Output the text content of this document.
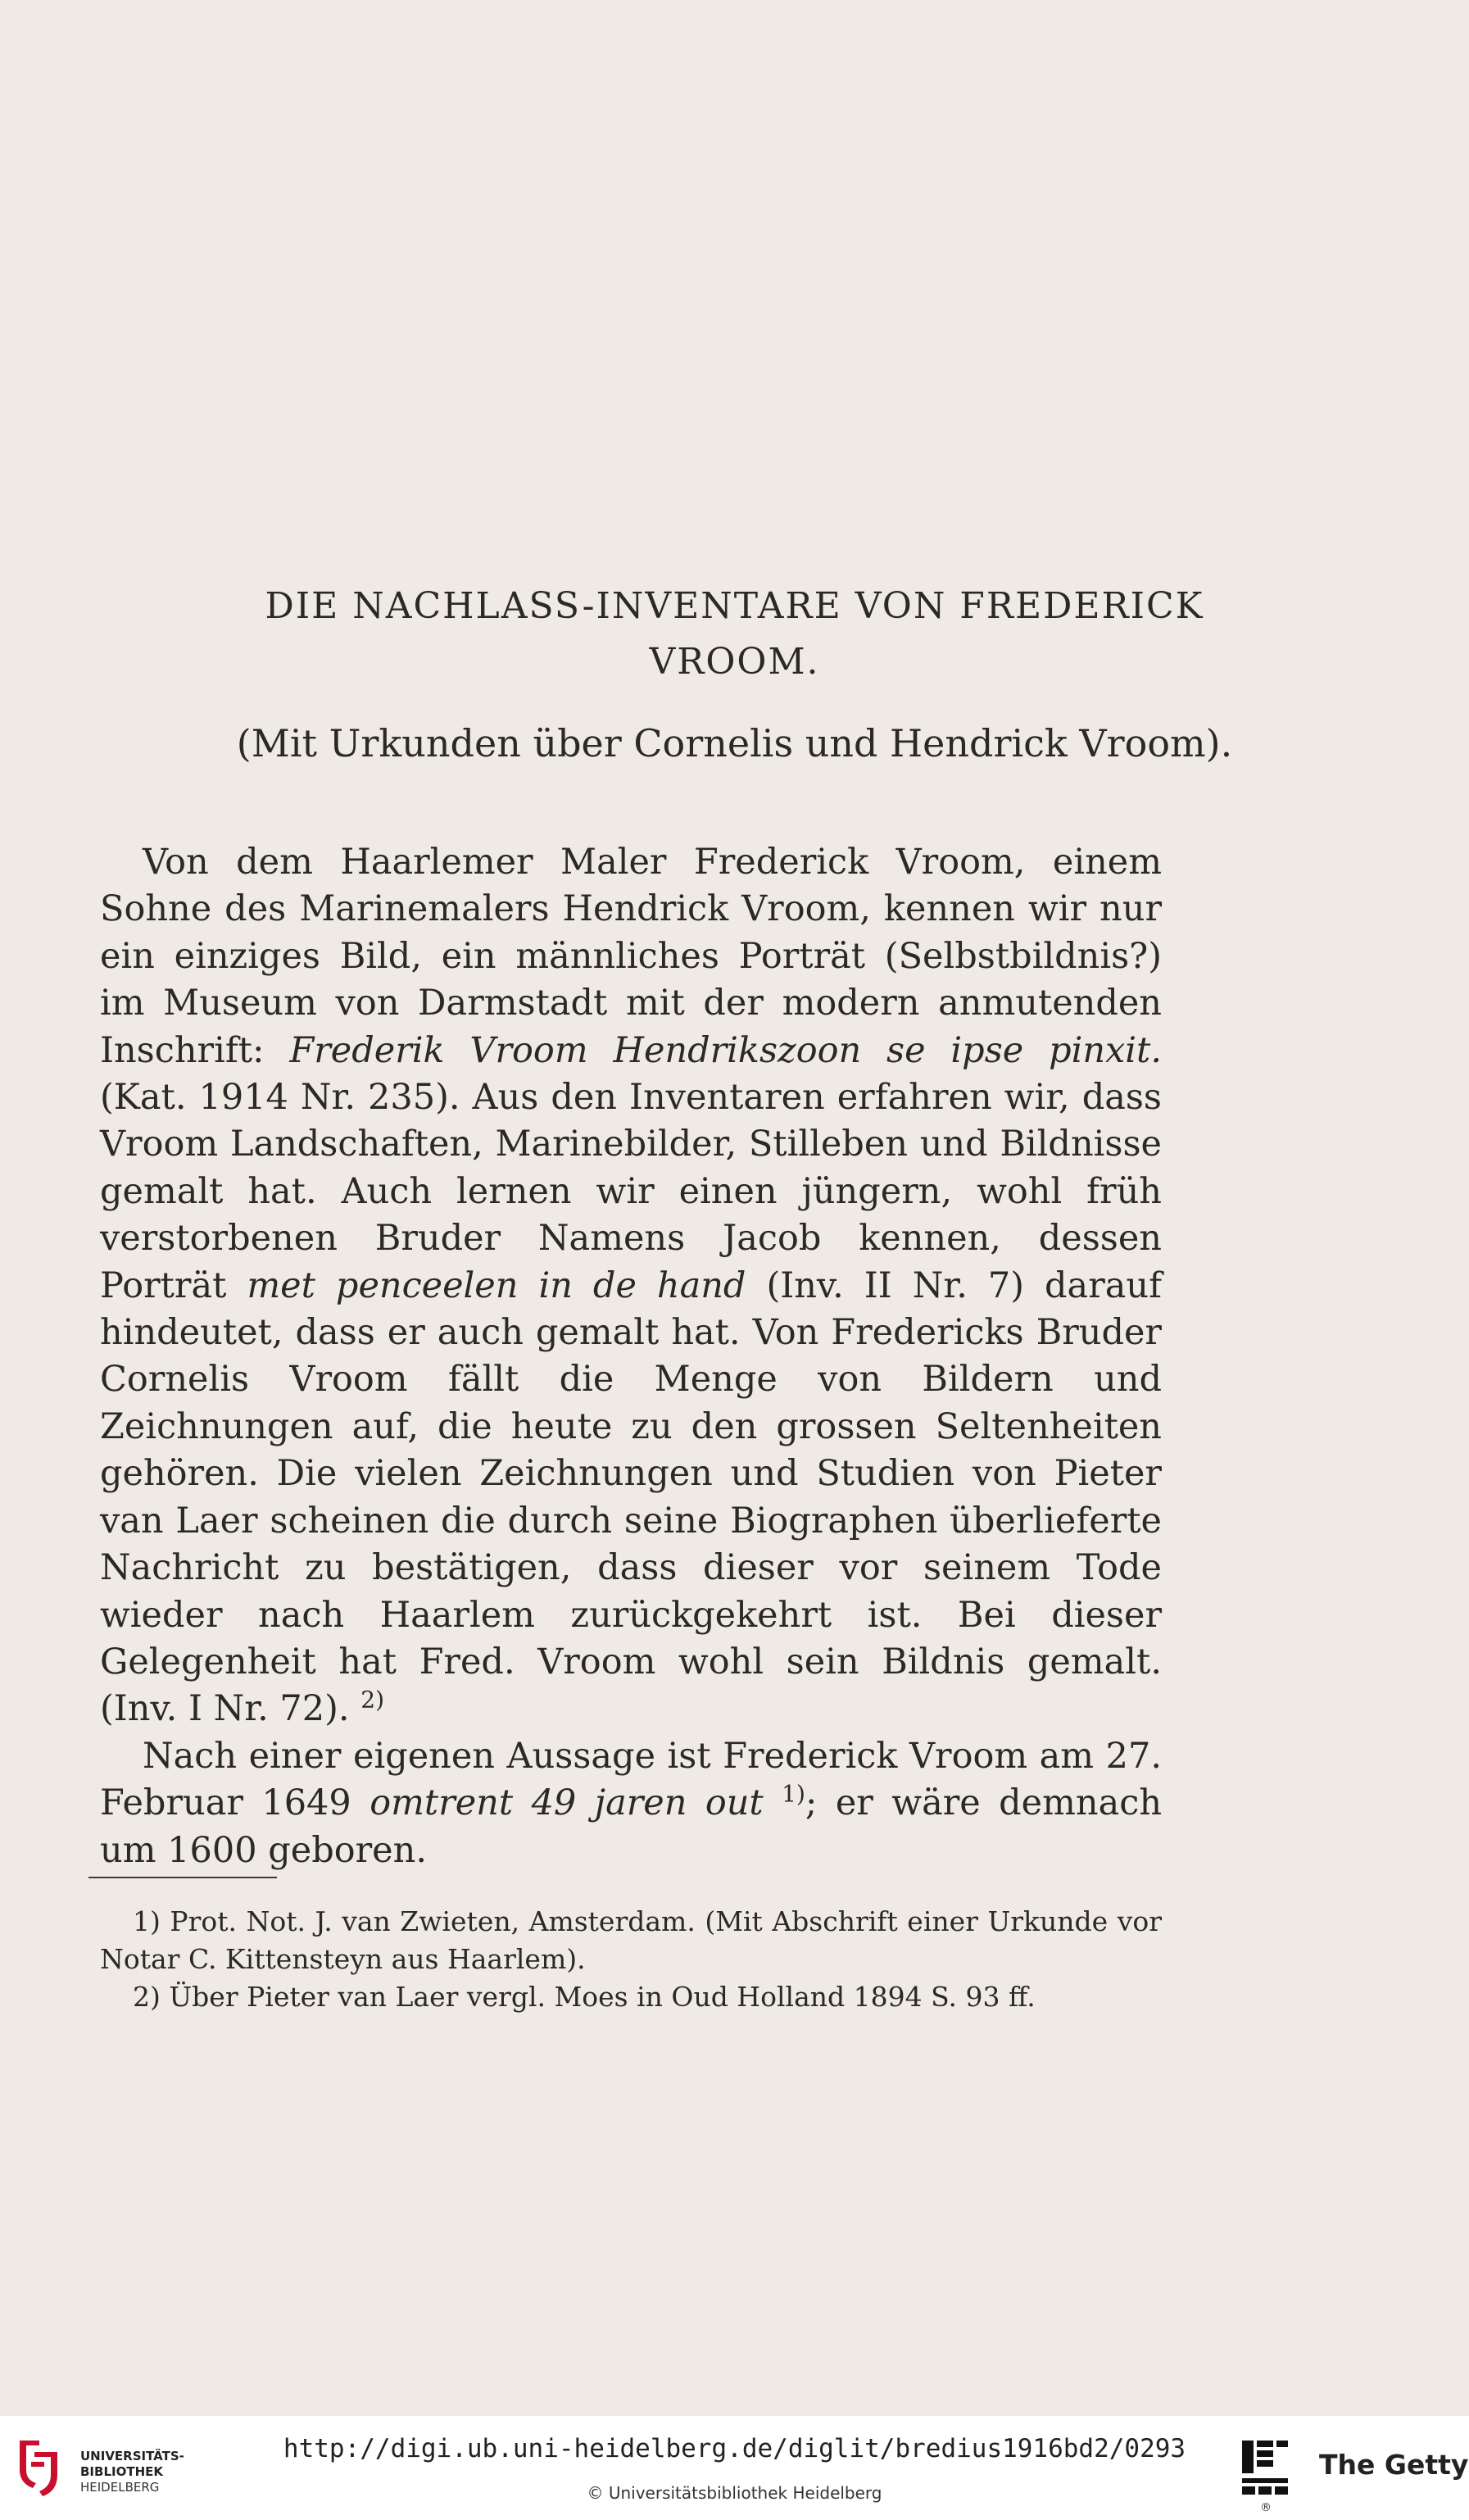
DIE NACHLASS-INVENTARE VON FREDERICK
VROOM.
(Mit Urkunden über Cornelis und Hendrick Vroom).

Von dem Haarlemer Maler Frederick Vroom, einem Sohne des Marinemalers Hendrick Vroom, kennen wir nur ein einziges Bild, ein männliches Porträt (Selbstbildnis?) im Museum von Darmstadt mit der modern anmutenden Inschrift: Frederik Vroom Hendrikszoon se ipse pinxit. (Kat. 1914 Nr. 235). Aus den Inventaren erfahren wir, dass Vroom Landschaften, Marinebilder, Stilleben und Bildnisse gemalt hat. Auch lernen wir einen jüngern, wohl früh verstorbenen Bruder Namens Jacob kennen, dessen Porträt met penceelen in de hand (Inv. II Nr. 7) darauf hindeutet, dass er auch gemalt hat. Von Fredericks Bruder Cornelis Vroom fällt die Menge von Bildern und Zeichnungen auf, die heute zu den grossen Seltenheiten gehören. Die vielen Zeichnungen und Studien von Pieter van Laer scheinen die durch seine Biographen überlieferte Nachricht zu bestätigen, dass dieser vor seinem Tode wieder nach Haarlem zurückgekehrt ist. Bei dieser Gelegenheit hat Fred. Vroom wohl sein Bildnis gemalt. (Inv. I Nr. 72). $^{2)}$

Nach einer eigenen Aussage ist Frederick Vroom am 27. Februar 1649 omtrent 49 jaren out $^{1)}$; er wäre demnach um 1600 geboren.

1) Prot. Not. J. van Zwieten, Amsterdam. (Mit Abschrift einer Urkunde vor Notar C. Kittensteyn aus Haarlem).

2) Über Pieter van Laer vergl. Moes in Oud Holland 1894 S. 93 ff.

UNIVERSITÄTS-
BIBLIOTHEK
HEIDELBERG
http://digi.ub.uni-heidelberg.de/diglit/bredius1916bd2/0293
© Universitätsbibliothek Heidelberg
®
The Getty
